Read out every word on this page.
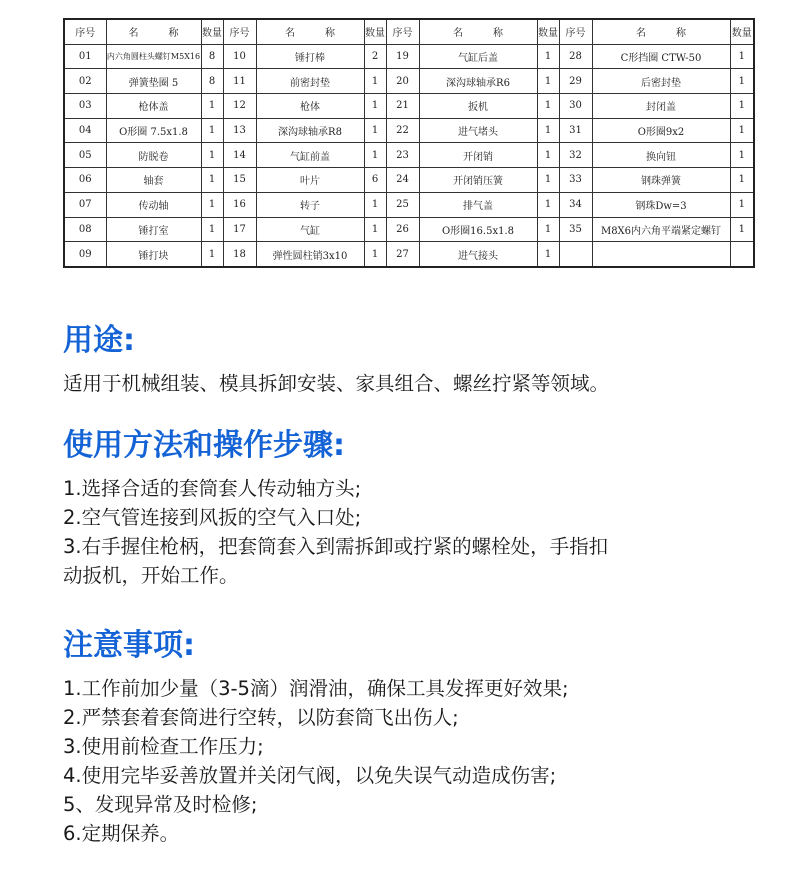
序号	名　　　称	数量	序号	名　　　称	数量	序号	名　　　称	数量	序号	名　　　称	数量
01	内六角圆柱头螺钉M5X16	8	10	锤打棒	2	19	气缸后盖	1	28	C形挡圈 CTW-50	1
02	弹簧垫圈 5	8	11	前密封垫	1	20	深沟球轴承R6	1	29	后密封垫	1
03	枪体盖	1	12	枪体	1	21	扳机	1	30	封闭盖	1
04	O形圈 7.5x1.8	1	13	深沟球轴承R8	1	22	进气堵头	1	31	O形圈9x2	1
05	防脱卷	1	14	气缸前盖	1	23	开闭销	1	32	换向钮	1
06	轴套	1	15	叶片	6	24	开闭销压簧	1	33	钢珠弹簧	1
07	传动轴	1	16	转子	1	25	排气盖	1	34	钢珠Dw=3	1
08	锤打室	1	17	气缸	1	26	O形圈16.5x1.8	1	35	M8X6内六角平端紧定螺钉	1
09	锤打块	1	18	弹性圆柱销3x10	1	27	进气接头	1			
用途:
适用于机械组装、模具拆卸安装、家具组合、螺丝拧紧等领域。
使用方法和操作步骤:
1.选择合适的套筒套人传动轴方头;
2.空气管连接到风扳的空气入口处;
3.右手握住枪柄，把套筒套入到需拆卸或拧紧的螺栓处，手指扣
动扳机，开始工作。
注意事项:
1.工作前加少量（3-5滴）润滑油，确保工具发挥更好效果;
2.严禁套着套筒进行空转，以防套筒飞出伤人;
3.使用前检查工作压力;
4.使用完毕妥善放置并关闭气阀，以免失误气动造成伤害;
5、发现异常及时检修;
6.定期保养。
